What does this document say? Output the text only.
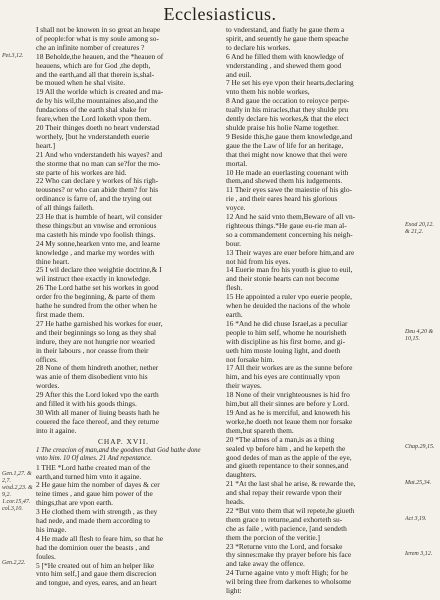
Ecclesiasticus.
I shall not be knowen in so great an heape
of people:for what is my soule among so-
che an infinite nomber of creatures ?
18 Beholde,the heauen, and the *heauen of
heauens, which are for God ,the depth,
and the earth,and all that therein is,shal-
be moued when he shal visite.
19 All the worlde which is created and ma-
de by his wil,the mountaines also,and the
fundacions of the earth shal shake for
feare,when the Lord loketh vpon them.
20 Their thinges doeth no heart vnderstad
worthely, [but he vnderstandeth euerie
heart.]
21 And who vnderstandeth his wayes? and
the storme that no man can se?for the mo-
ste parte of his workes are hid.
22 Who can declare y workes of his righ-
teousnes? or who can abide them? for his
ordinance is farre of, and the trying out
of all things faileth.
23 He that is humble of heart, wil consider
these things:but an vnwise and erronious
ma casteth his minde vpo foolish things.
24 My sonne,hearken vnto me, and learne
knowledge , and marke my wordes with
thine heart.
25 I wil declare thee weightie doctrine,& I
wil instruct thee exactly in knowledge.
26 The Lord hathe set his workes in good
order fro the beginning, & parte of them
hathe he sundred from the other when he
first made them.
27 He hathe garnished his workes for euer,
and their beginnings so long as they shal
indure, they are not hungrie nor wearied
in their labours , nor ceasse from their
offices.
28 None of them hindreth another, nether
was anie of them disobedient vnto his
wordes.
29 After this the Lord loked vpo the earth
and filled it with his goods things.
30 With all maner of liuing beasts hath he
couered the face thereof, and they returne
into it againe.
CHAP. XVII.
1 The creacion of man,and the goodnes that God hathe done vnto him. 10 Of almes. 21 And repentance.
1 THE *Lord hathe created man of the
earth,and turned him vnto it againe.
2 He gaue him the nomber of dayes & cer
teine times , and gaue him power of the
things,that are vpon earth.
3 He clothed them with strength , as they
had nede, and made them according to
his image.
4 He made all flesh to feare him, so that he
had the dominion ouer the beasts , and
foules.
5 [*He created out of him an helper like
vnto him self,] and gaue them discrecion
and tongue, and eyes, eares, and an heart
to vnderstand, and fiatly he gaue them a
spirit, and seuently he gaue them speache
to declare his workes.
6 And he filled them with knowledge of
vnderstanding , and shewed them good
and euil.
7 He set his eye vpon their hearts,declaring
vnto them his noble workes,
8 And gaue the occation to reioyce perpe-
tually in his miracles,that they shulde pru
dently declare his workes,& that the elect
shulde praise his holie Name together.
9 Beside this,he gaue them knowledge,and
gaue the the Law of life for an heritage,
that thei might now knowe that thei were
mortal.
10 He made an euerlasting couenant with
them,and shewed them his iudgements.
11 Their eyes sawe the maiestie of his glo-
rie , and their eares heard his glorious
voyce.
12 And he said vnto them,Beware of all vn-
righteous things.*He gaue eu-rie man al-
so a commandement concerning his neigh-
bour.
13 Their wayes are euer before him,and are
not hid from his eyes.
14 Euerie man fro his youth is giue to euil,
and their stonie hearts can not become
flesh.
15 He appointed a ruler vpo euerie people,
when he deuided the nacions of the whole
earth.
16 *And he did chuse Israel,as a peculiar
people to him self, whome he nourisheth
with discipline as his first borne, and gi-
ueth him moste louing light, and doeth
not forsake him.
17 All their workes are as the sunne before
him, and his eyes are continually vpon
their wayes.
18 None of their vnrighteousnes is hid fro
him,but all their sinnes are before y Lord.
19 And as he is merciful, and knoweth his
worke,he doeth not leaue them nor forsake
them,but spareth them.
20 *The almes of a man,is as a thing
sealed vp before him , and he kepeth the
good dedes of man as the apple of the eye,
and giueth repentance to their sonnes,and
daughters.
21 *At the last shal he arise, & rewarde the,
and shal repay their rewarde vpon their
heads.
22 *But vnto them that wil repete,he giueth
them grace to returne,and exhorteth su-
che as faile , with pacience, [and sendeth
them the porcion of the veritie.]
23 *Returne vnto the Lord, and forsake
thy sinnes:make thy prayer before his face
and take away the offence.
24 Turne againe vnto y moft High; for he
wil bring thee from darkenes to wholsome
light:
Pet.3,12.
Gen.1,27. & 2,7. wisd.2,23. & 9,2. 1.cor.15,47. col.3,10.
Gen.2,22.
Exod 20,12. & 21,2.
Deu 4,20 & 10,15.
Chap.29,15.
Mat.25,34.
Act 3,19.
Ierem 3,12.
